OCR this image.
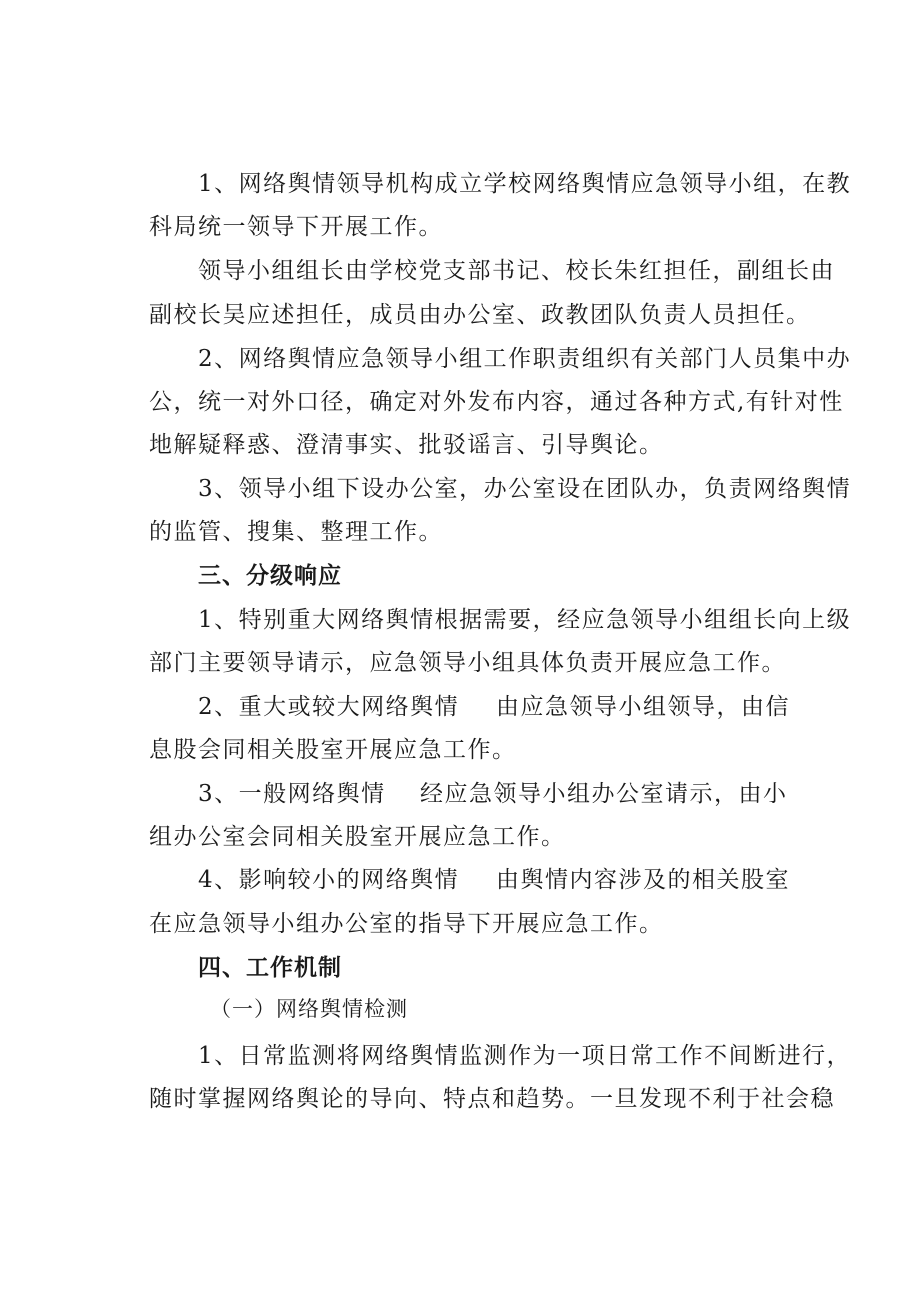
1、网络舆情领导机构成立学校网络舆情应急领导小组，在教
科局统一领导下开展工作。
领导小组组长由学校党支部书记、校长朱红担任，副组长由
副校长吴应述担任，成员由办公室、政教团队负责人员担任。
2、网络舆情应急领导小组工作职责组织有关部门人员集中办
公，统一对外口径，确定对外发布内容，通过各种方式,有针对性
地解疑释惑、澄清事实、批驳谣言、引导舆论。
3、领导小组下设办公室，办公室设在团队办，负责网络舆情
的监管、搜集、整理工作。
三、分级响应
1、特别重大网络舆情根据需要，经应急领导小组组长向上级
部门主要领导请示，应急领导小组具体负责开展应急工作。
2、重大或较大网络舆情 由应急领导小组领导，由信
息股会同相关股室开展应急工作。
3、一般网络舆情 经应急领导小组办公室请示，由小
组办公室会同相关股室开展应急工作。
4、影响较小的网络舆情 由舆情内容涉及的相关股室
在应急领导小组办公室的指导下开展应急工作。
四、工作机制
（一）网络舆情检测
1、日常监测将网络舆情监测作为一项日常工作不间断进行，
随时掌握网络舆论的导向、特点和趋势。一旦发现不利于社会稳
